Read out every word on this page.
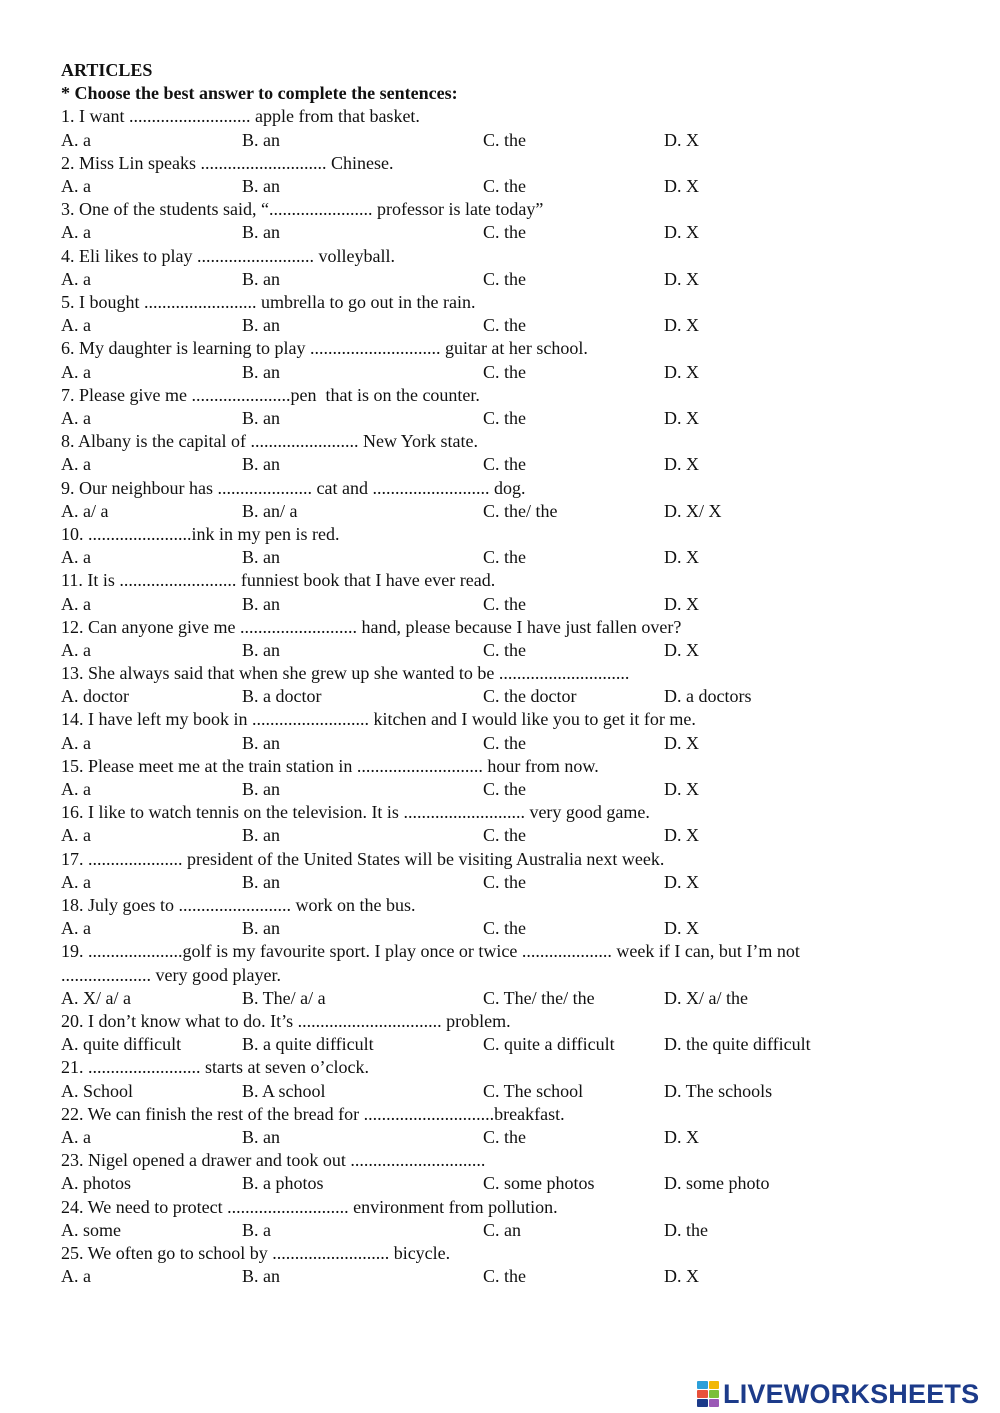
ARTICLES
* Choose the best answer to complete the sentences:
1. I want ........................... apple from that basket.
A. a	B. an	C. the	D. X
2. Miss Lin speaks ............................ Chinese.
A. a	B. an	C. the	D. X
3. One of the students said, “....................... professor is late today”
A. a	B. an	C. the	D. X
4. Eli likes to play .......................... volleyball.
A. a	B. an	C. the	D. X
5. I bought ......................... umbrella to go out in the rain.
A. a	B. an	C. the	D. X
6. My daughter is learning to play ............................. guitar at her school.
A. a	B. an	C. the	D. X
7. Please give me ......................pen  that is on the counter.
A. a	B. an	C. the	D. X
8. Albany is the capital of ........................ New York state.
A. a	B. an	C. the	D. X
9. Our neighbour has ..................... cat and .......................... dog.
A. a/ a	B. an/ a	C. the/ the	D. X/ X
10. .......................ink in my pen is red.
A. a	B. an	C. the	D. X
11. It is .......................... funniest book that I have ever read.
A. a	B. an	C. the	D. X
12. Can anyone give me .......................... hand, please because I have just fallen over?
A. a	B. an	C. the	D. X
13. She always said that when she grew up she wanted to be .............................
A. doctor	B. a doctor	C. the doctor	D. a doctors
14. I have left my book in .......................... kitchen and I would like you to get it for me.
A. a	B. an	C. the	D. X
15. Please meet me at the train station in ............................ hour from now.
A. a	B. an	C. the	D. X
16. I like to watch tennis on the television. It is ........................... very good game.
A. a	B. an	C. the	D. X
17. ..................... president of the United States will be visiting Australia next week.
A. a	B. an	C. the	D. X
18. July goes to ......................... work on the bus.
A. a	B. an	C. the	D. X
19. .....................golf is my favourite sport. I play once or twice .................... week if I can, but I’m not
.................... very good player.
A. X/ a/ a	B. The/ a/ a	C. The/ the/ the	D. X/ a/ the
20. I don’t know what to do. It’s ................................ problem.
A. quite difficult	B. a quite difficult	C. quite a difficult	D. the quite difficult
21. ......................... starts at seven o’clock.
A. School	B. A school	C. The school	D. The schools
22. We can finish the rest of the bread for .............................breakfast.
A. a	B. an	C. the	D. X
23. Nigel opened a drawer and took out ..............................
A. photos	B. a photos	C. some photos	D. some photo
24. We need to protect ........................... environment from pollution.
A. some	B. a	C. an	D. the
25. We often go to school by .......................... bicycle.
A. a	B. an	C. the	D. X
LIVEWORKSHEETS
